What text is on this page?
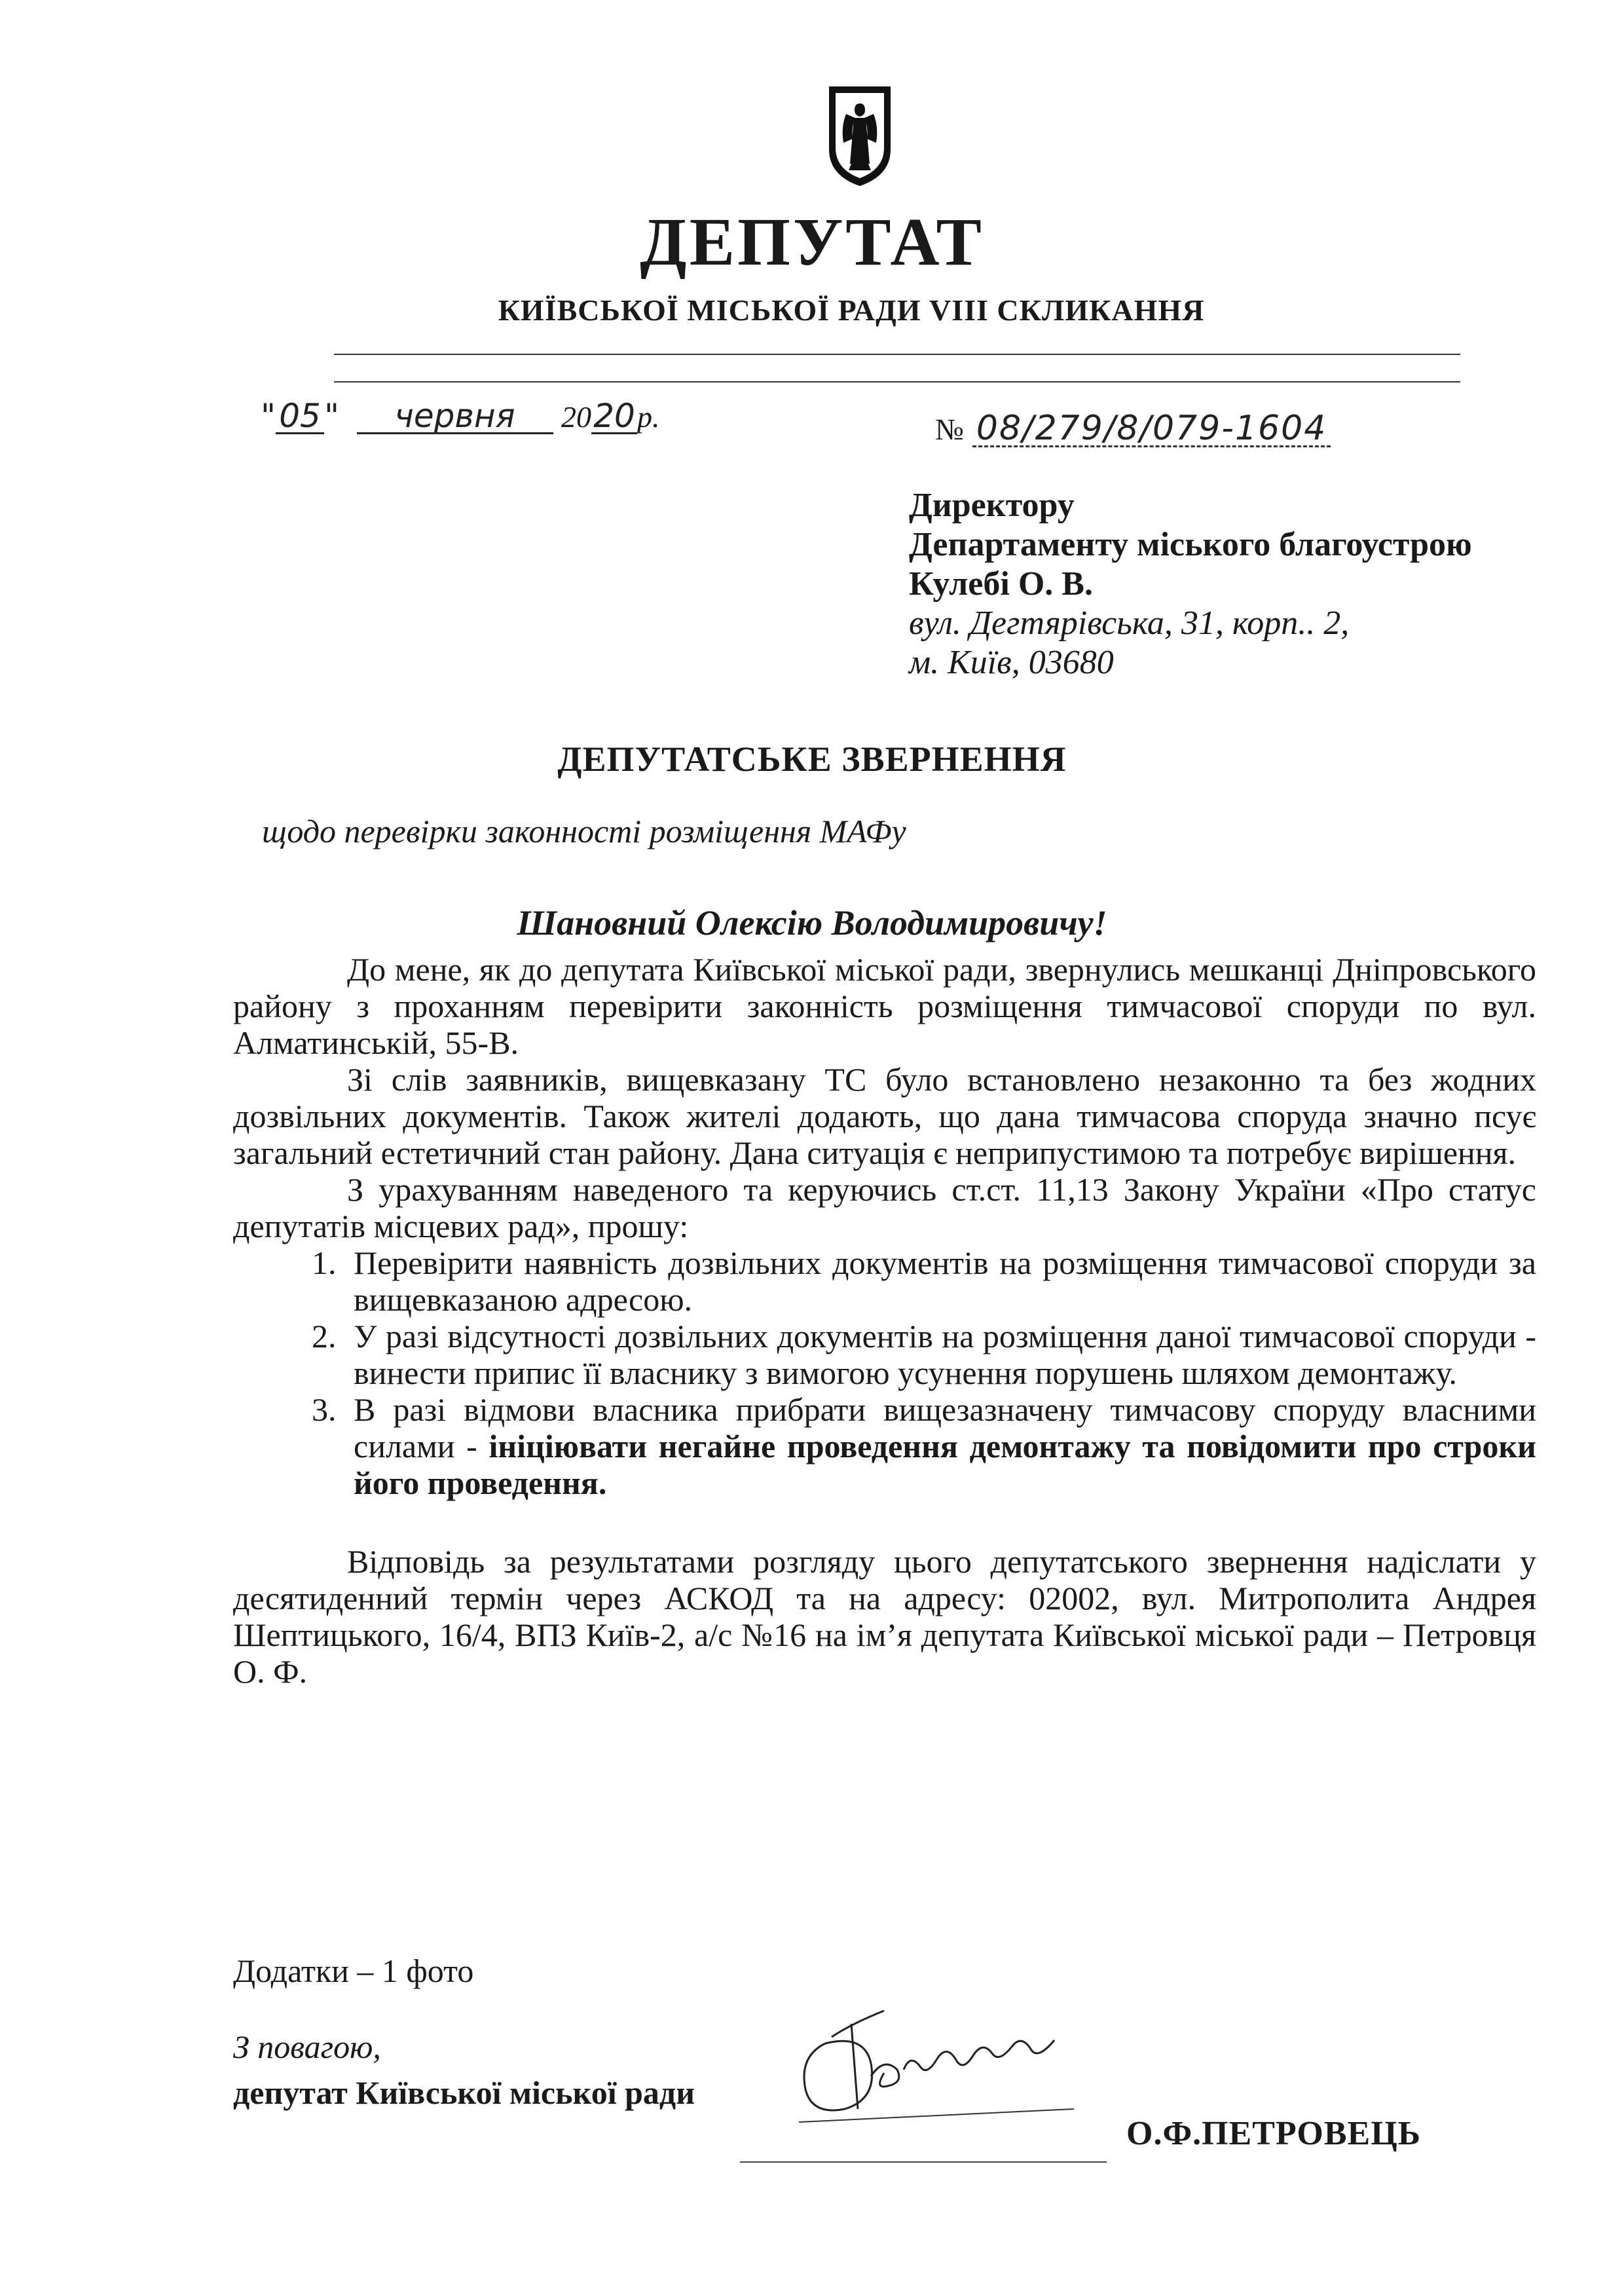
ДЕПУТАТ
КИЇВСЬКОЇ МІСЬКОЇ РАДИ VIII СКЛИКАННЯ
" 05 " червня 2020р.	№ 08/279/8/079-1604
Директору
Департаменту міського благоустрою
Кулебі О. В.
вул. Дегтярівська, 31, корп.. 2,
м. Київ, 03680
ДЕПУТАТСЬКЕ ЗВЕРНЕННЯ
щодо перевірки законності розміщення МАФу
Шановний Олексію Володимировичу!

До мене, як до депутата Київської міської ради, звернулись мешканці Дніпровського району з проханням перевірити законність розміщення тимчасової споруди по вул. Алматинській, 55-В.

Зі слів заявників, вищевказану ТС було встановлено незаконно та без жодних дозвільних документів. Також жителі додають, що дана тимчасова споруда значно псує загальний естетичний стан району. Дана ситуація є неприпустимою та потребує вирішення.

З урахуванням наведеного та керуючись ст.ст. 11,13 Закону України «Про статус депутатів місцевих рад», прошу:

1. Перевірити наявність дозвільних документів на розміщення тимчасової споруди за вищевказаною адресою.
2. У разі відсутності дозвільних документів на розміщення даної тимчасової споруди - винести припис її власнику з вимогою усунення порушень шляхом демонтажу.
3. В разі відмови власника прибрати вищезазначену тимчасову споруду власними силами - ініціювати негайне проведення демонтажу та повідомити про строки його проведення.

Відповідь за результатами розгляду цього депутатського звернення надіслати у десятиденний термін через АСКОД та на адресу: 02002, вул. Митрополита Андрея Шептицького, 16/4, ВПЗ Київ-2, а/с №16 на ім’я депутата Київської міської ради – Петровця О. Ф.

Додатки – 1 фото
З повагою,
депутат Київської міської ради
О.Ф.ПЕТРОВЕЦЬ
